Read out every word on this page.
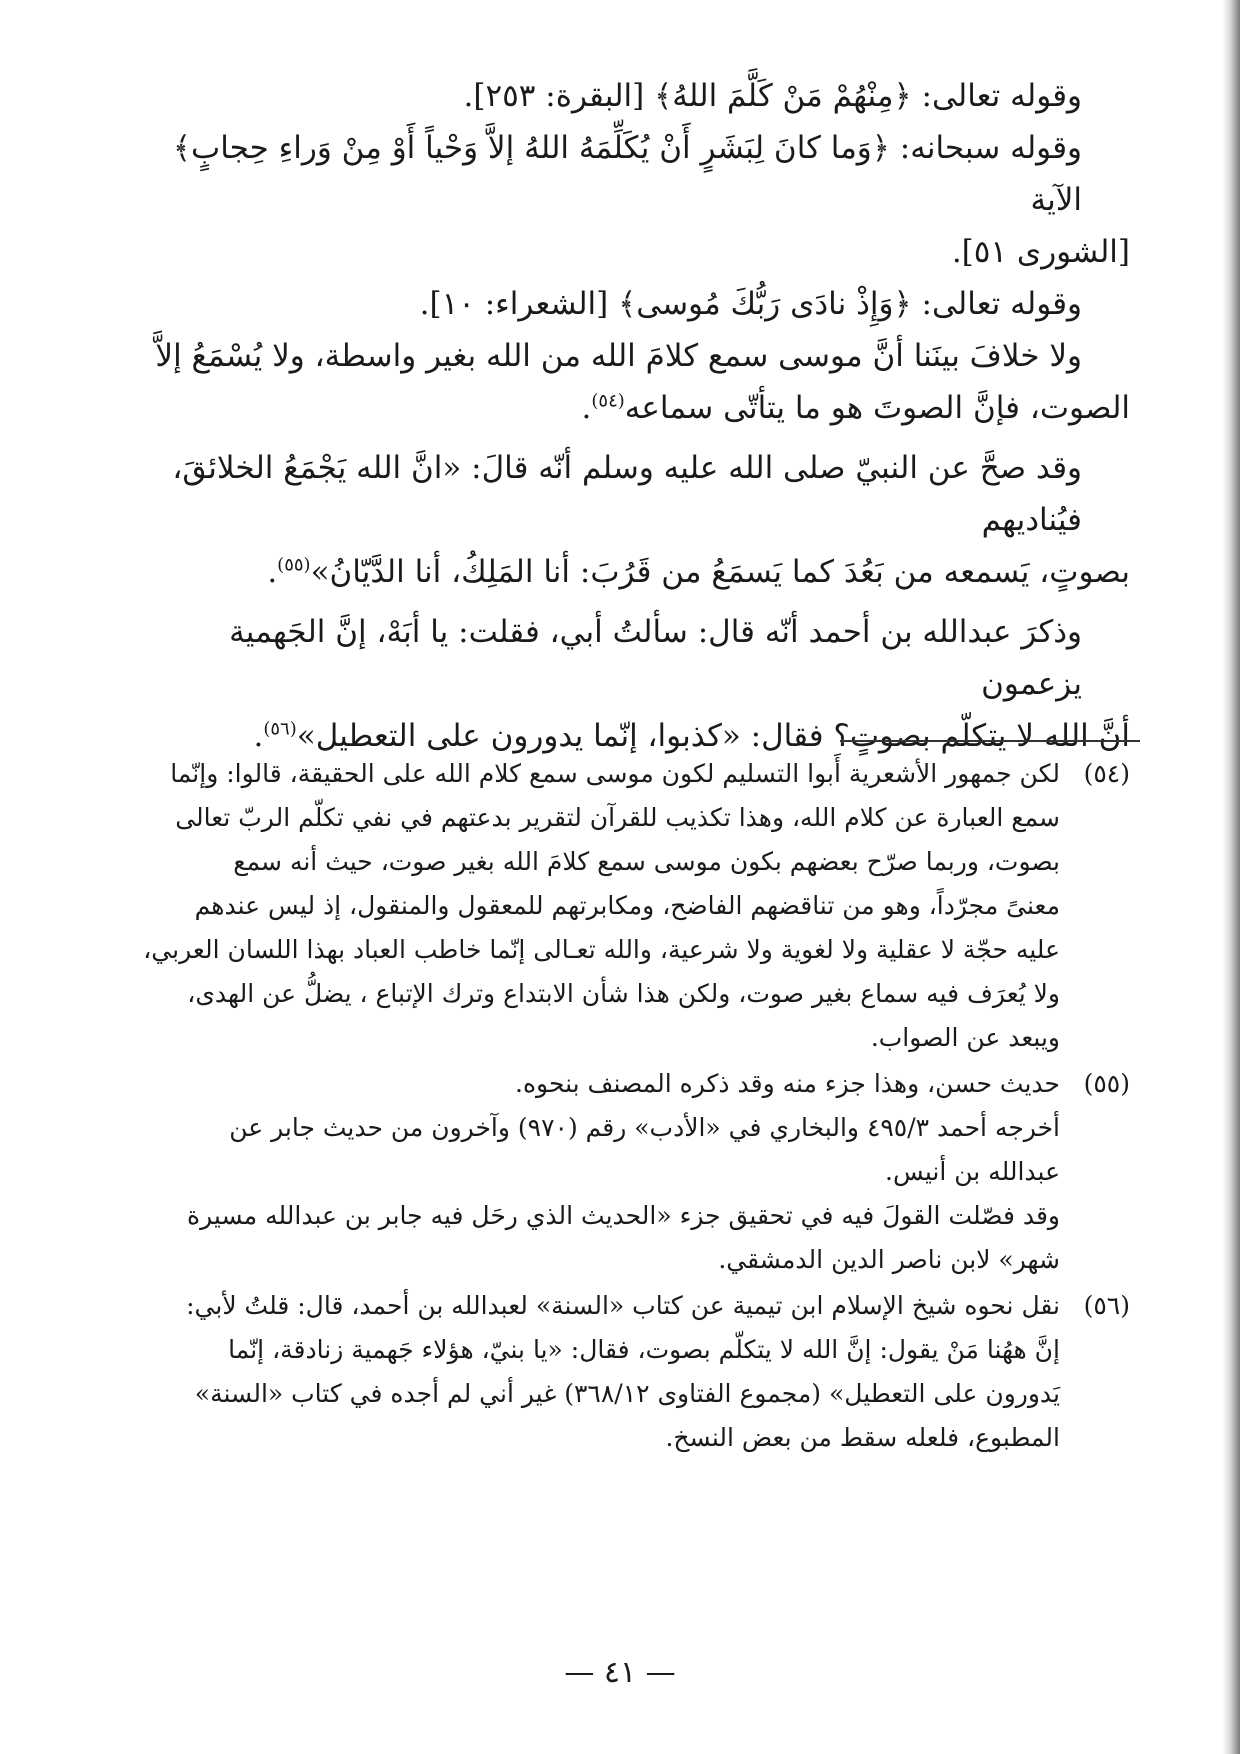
وقوله تعالى: ﴿مِنْهُمْ مَنْ كَلَّمَ اللهُ﴾ [البقرة: ٢٥٣].

وقوله سبحانه: ﴿وَما كانَ لِبَشَرٍ أَنْ يُكَلِّمَهُ اللهُ إلاَّ وَحْياً أَوْ مِنْ وَراءِ حِجابٍ﴾ الآية

[الشورى ٥١].

وقوله تعالى: ﴿وَإِذْ نادَى رَبُّكَ مُوسى﴾ [الشعراء: ١٠].

ولا خلافَ بينَنا أنَّ موسى سمع كلامَ الله من الله بغير واسطة، ولا يُسْمَعُ إلاَّ

الصوت، فإنَّ الصوتَ هو ما يتأتّى سماعه$^{(٥٤)}$.

وقد صحَّ عن النبيّ صلى الله عليه وسلم أنّه قالَ: «انَّ الله يَجْمَعُ الخلائقَ، فيُناديهم

بصوتٍ، يَسمعه من بَعُدَ كما يَسمَعُ من قَرُبَ: أنا المَلِكُ، أنا الدَّيّانُ»$^{(٥٥)}$.

وذكرَ عبدالله بن أحمد أنّه قال: سألتُ أبي، فقلت: يا أبَهْ، إنَّ الجَهمية يزعمون

أنَّ الله لا يتكلّم بصوتٍ؟ فقال: «كذبوا، إنّما يدورون على التعطيل»$^{(٥٦)}$.

(٥٤)
لكن جمهور الأشعرية أَبوا التسليم لكون موسى سمع كلام الله على الحقيقة، قالوا: وإنّما
سمع العبارة عن كلام الله، وهذا تكذيب للقرآن لتقرير بدعتهم في نفي تكلّم الربّ تعالى
بصوت، وربما صرّح بعضهم بكون موسى سمع كلامَ الله بغير صوت، حيث أنه سمع
معنىً مجرّداً، وهو من تناقضهم الفاضح، ومكابرتهم للمعقول والمنقول، إذ ليس عندهم
عليه حجّة لا عقلية ولا لغوية ولا شرعية، والله تعـالى إنّما خاطب العباد بهذا اللسان العربي،
ولا يُعرَف فيه سماع بغير صوت، ولكن هذا شأن الابتداع وترك الإتباع ، يضلُّ عن الهدى،
ويبعد عن الصواب.
(٥٥)
حديث حسن، وهذا جزء منه وقد ذكره المصنف بنحوه.
أخرجه أحمد ٤٩٥/٣ والبخاري في «الأدب» رقم (٩٧٠) وآخرون من حديث جابر عن
عبدالله بن أنيس.
وقد فصّلت القولَ فيه في تحقيق جزء «الحديث الذي رحَل فيه جابر بن عبدالله مسيرة
شهر» لابن ناصر الدين الدمشقي.
(٥٦)
نقل نحوه شيخ الإسلام ابن تيمية عن كتاب «السنة» لعبدالله بن أحمد، قال: قلتُ لأبي:
إنَّ ههُنا مَنْ يقول: إنَّ الله لا يتكلّم بصوت، فقال: «يا بنيّ، هؤلاء جَهمية زنادقة، إنّما
يَدورون على التعطيل» (مجموع الفتاوى ٣٦٨/١٢) غير أني لم أجده في كتاب «السنة»
المطبوع، فلعله سقط من بعض النسخ.
— ٤١ —
